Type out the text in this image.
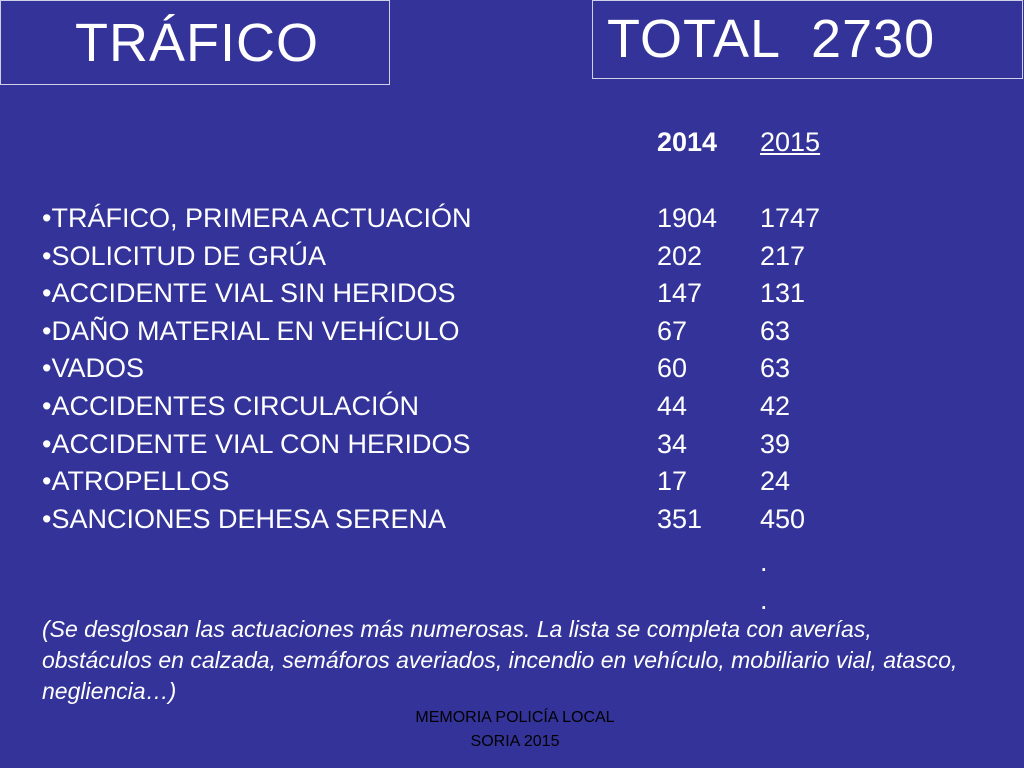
TRÁFICO	TOTAL  2730
2014 2015
•TRÁFICO, PRIMERA ACTUACIÓN	1904 1747
•SOLICITUD DE GRÚA	202 217
•ACCIDENTE VIAL SIN HERIDOS	147 131
•DAÑO MATERIAL EN VEHÍCULO	67	63
•VADOS	60	63
•ACCIDENTES CIRCULACIÓN	44	42
•ACCIDENTE VIAL CON HERIDOS	34	39
•ATROPELLOS	17	24
•SANCIONES DEHESA SERENA	351 450
.
.
(Se desglosan las actuaciones más numerosas. La lista se completa con averías, obstáculos en calzada, semáforos averiados, incendio en vehículo, mobiliario vial, atasco, negliencia…)
MEMORIA POLICÍA LOCAL
SORIA 2015
